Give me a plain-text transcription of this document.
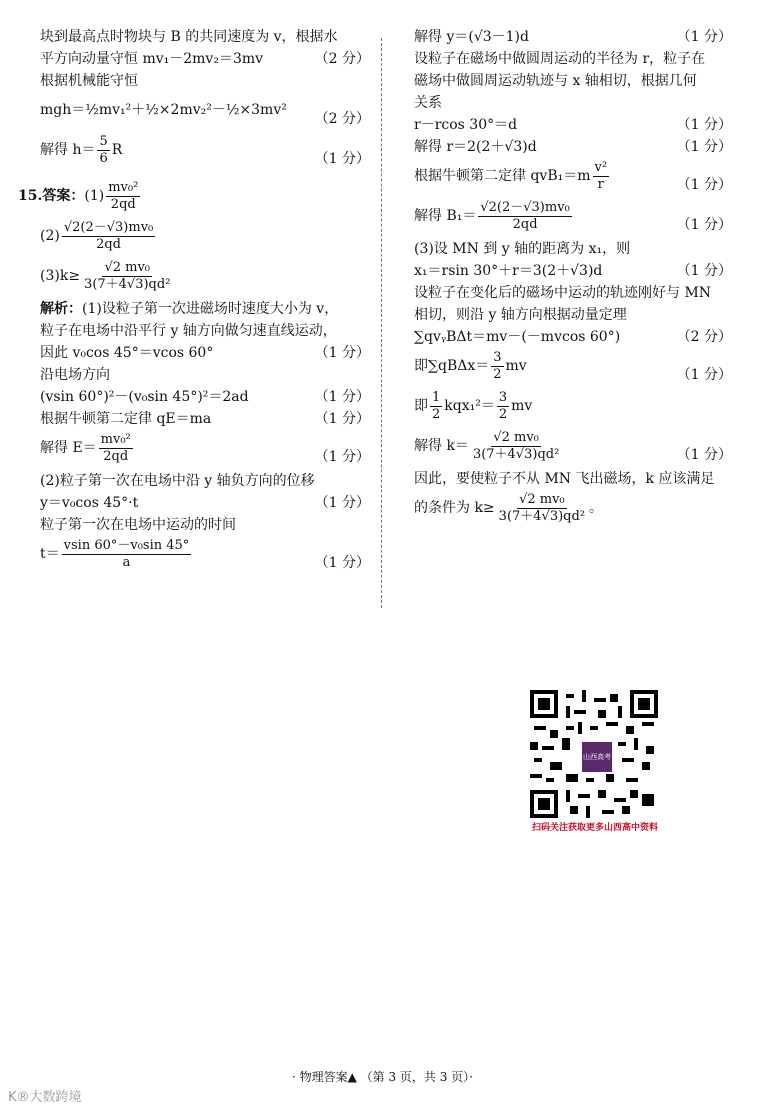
块到最高点时物块与 B 的共同速度为 v，根据水
平方向动量守恒 mv₁－2mv₂＝3mv	（2 分）
根据机械能守恒
mgh＝½mv₁²＋½×2mv₂²－½×3mv²
（2 分）
解得 $h= \frac{5}{6}$ R
（1 分）
15.答案：$(1) \frac{\text{mv₀²}}{2qd}$
$(2) \frac{\text{√2(2－√3)mv₀}}{2qd}$
$(3)k\ge \frac{\text{√2 mv₀}}{\text{3(7＋4√3)qd²}}$
解析：(1)设粒子第一次进磁场时速度大小为 v，
粒子在电场中沿平行 y 轴方向做匀速直线运动，
因此 v₀cos 45°＝vcos 60°	（1 分）
沿电场方向
(vsin 60°)²－(v₀sin 45°)²＝2ad	（1 分）
根据牛顿第二定律 qE＝ma	（1 分）
解得 $E= \frac{\text{mv₀²}}{2qd}$	（1 分）
(2)粒子第一次在电场中沿 y 轴负方向的位移
y＝v₀cos 45°·t	（1 分）
粒子第一次在电场中运动的时间
$t= \frac{\text{vsin 60°－v₀sin 45°}}{a}$	（1 分）
解得 y＝(√3－1)d	（1 分）
设粒子在磁场中做圆周运动的半径为 r，粒子在
磁场中做圆周运动轨迹与 x 轴相切，根据几何
关系
r－rcos 30°＝d	（1 分）
解得 r＝2(2＋√3)d	（1 分）
根据牛顿第二定律 $qvB_1=m \frac{\text{v²}}{r}$	（1 分）
解得 $B_1= \frac{\text{√2(2－√3)mv₀}}{2qd}$	（1 分）
(3)设 MN 到 y 轴的距离为 x₁，则
x₁＝rsin 30°＋r＝3(2＋√3)d	（1 分）
设粒子在变化后的磁场中运动的轨迹刚好与 MN
相切，则沿 y 轴方向根据动量定理
∑qvᵧBΔt＝mv－(－mvcos 60°)	（2 分）
即$\sum qB\Delta x= \frac{3}{2}$ mv
（1 分）
即 $\frac{1}{2} kqx_1^2= \frac{3}{2}$ mv
解得 $k= \frac{\text{√2 mv₀}}{\text{3(7＋4√3)qd²}}$	（1 分）
因此，要使粒子不从 MN 飞出磁场，k 应该满足
的条件为 $k\ge \frac{\text{√2 mv₀}}{\text{3(7＋4√3)qd²}}$ 。
山西高考
扫码关注获取更多山西高中资料
· 物理答案▲ （第 3 页，共 3 页）·
K®大数跨境
